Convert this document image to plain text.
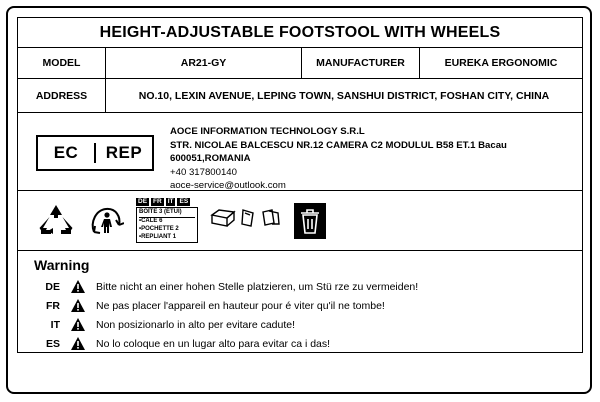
HEIGHT-ADJUSTABLE FOOTSTOOL WITH WHEELS
MODEL	AR21-GY	MANUFACTURER	EUREKA ERGONOMIC
ADDRESS	NO.10, LEXIN AVENUE, LEPING TOWN, SANSHUI DISTRICT, FOSHAN CITY, CHINA
EC	REP
AOCE INFORMATION TECHNOLOGY S.R.L
STR. NICOLAE BALCESCU NR.12 CAMERA C2 MODULUL B58 ET.1 Bacau
600051,ROMANIA
+40 317800140
aoce-service@outlook.com
DE FR IT ES
BOÎTE 3 (ÉTUI)
•CALE 6
•POCHETTE 2
•REPLIANT 1
Warning
DE	Bitte nicht an einer hohen Stelle platzieren, um Stü rze zu vermeiden!
FR	Ne pas placer l'appareil en hauteur pour é viter qu'il ne tombe!
IT	Non posizionarlo in alto per evitare cadute!
ES	No lo coloque en un lugar alto para evitar ca i das!
